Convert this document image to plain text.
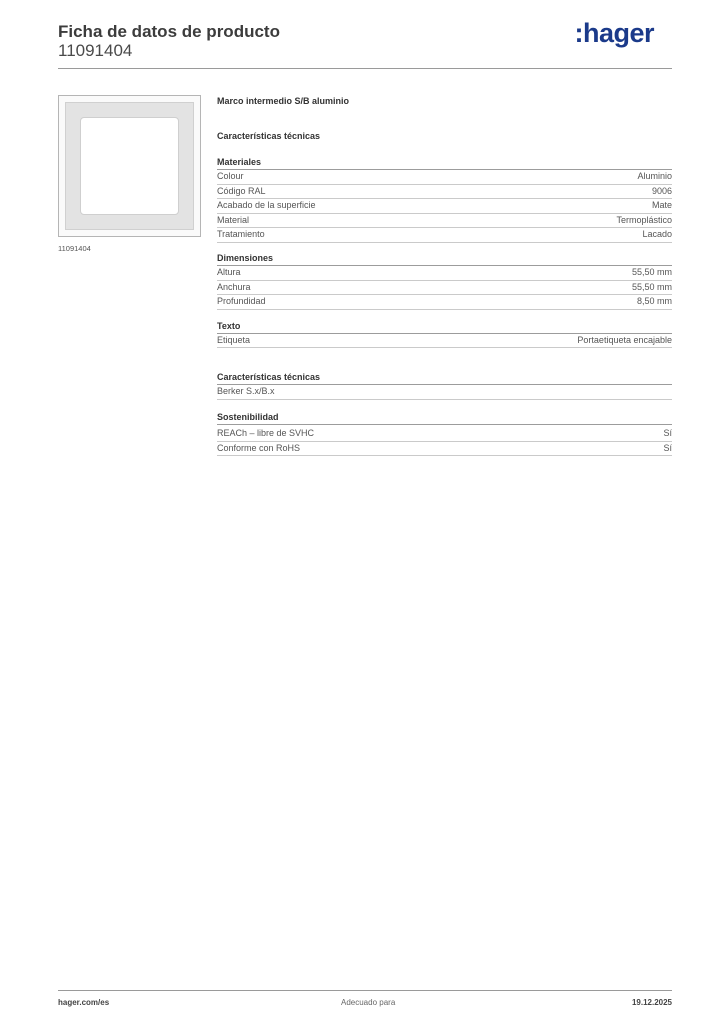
Ficha de datos de producto
11091404
:hager
11091404
Marco intermedio S/B aluminio
Características técnicas
Materiales
Colour	Aluminio
Código RAL	9006
Acabado de la superficie	Mate
Material	Termoplástico
Tratamiento	Lacado
Dimensiones
Altura	55,50 mm
Anchura	55,50 mm
Profundidad	8,50 mm
Texto
Etiqueta	Portaetiqueta encajable
Características técnicas
Berker S.x/B.x
Sostenibilidad
REACh – libre de SVHC	Sí
Conforme con RoHS	Sí
hager.com/es	Adecuado para	19.12.2025
